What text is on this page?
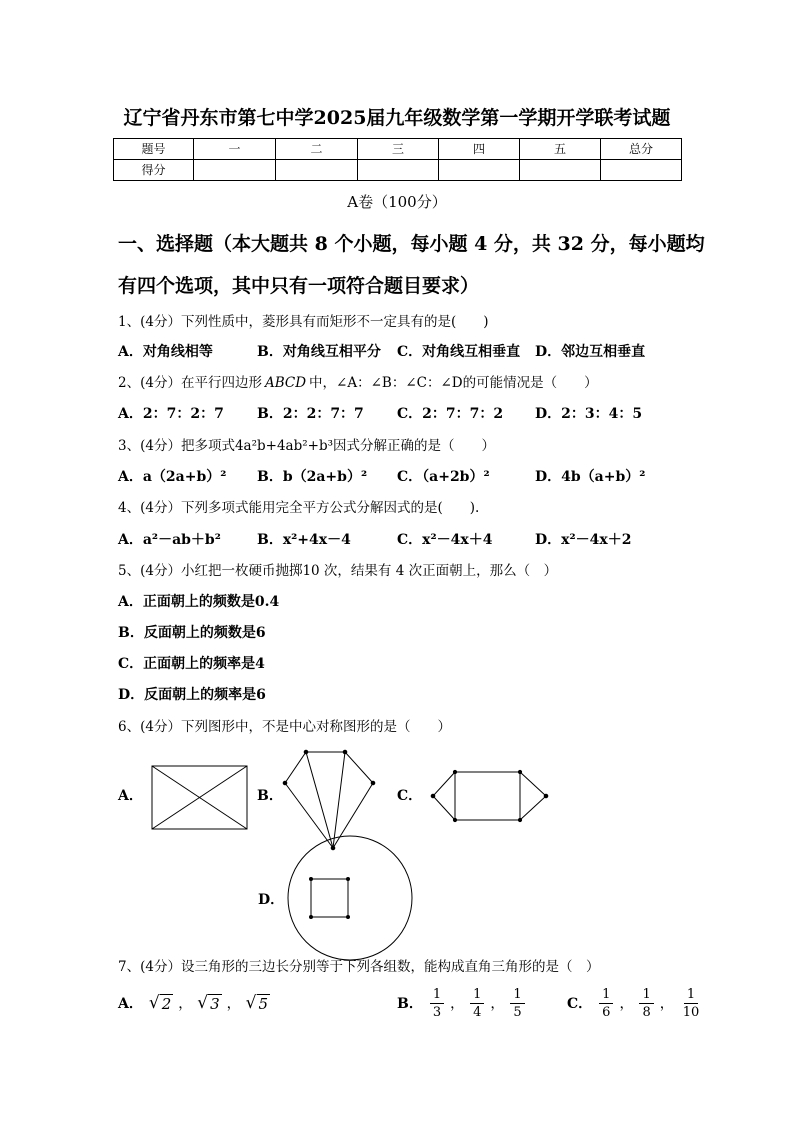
辽宁省丹东市第七中学2025届九年级数学第一学期开学联考试题
题号	一	二	三	四	五	总分
得分						
A卷（100分）
一、选择题（本大题共 8 个小题，每小题 4 分，共 32 分，每小题均
有四个选项，其中只有一项符合题目要求）
1、(4分）下列性质中，菱形具有而矩形不一定具有的是(　　)
A．对角线相等	B．对角线互相平分 C．对角线互相垂直 D．邻边互相垂直
2、(4分）在平行四边形 ABCD 中，∠A：∠B：∠C：∠D的可能情况是（　　）
A．2：7：2：7 B．2：2：7：7 C．2：7：7：2 D．2：3：4：5
3、(4分）把多项式4a²b+4ab²+b³因式分解正确的是（　　）
A．a（2a+b）² B．b（2a+b）² C．（a+2b）²	D．4b（a+b）²
4、(4分）下列多项式能用完全平方公式分解因式的是(　　).
A．a²－ab＋b²	B．x²+4x－4	C．x²－4x＋4	D．x²－4x＋2
5、(4分）小红把一枚硬币抛掷10 次，结果有 4 次正面朝上，那么（　）
A．正面朝上的频数是0.4
B．反面朝上的频数是6
C．正面朝上的频率是4
D．反面朝上的频率是6
6、(4分）下列图形中，不是中心对称图形的是（　　）
A．	B．	C．
D．
7、(4分）设三角形的三边长分别等于下列各组数，能构成直角三角形的是（　）
A． √ 2 ， √ 3 ， √ 5	B． $\frac{1}{3}$ ， $\frac{1}{4}$ ， $\frac{1}{5}$	C． $\frac{1}{6}$ ， $\frac{1}{8}$ ， $\frac{1}{10}$
